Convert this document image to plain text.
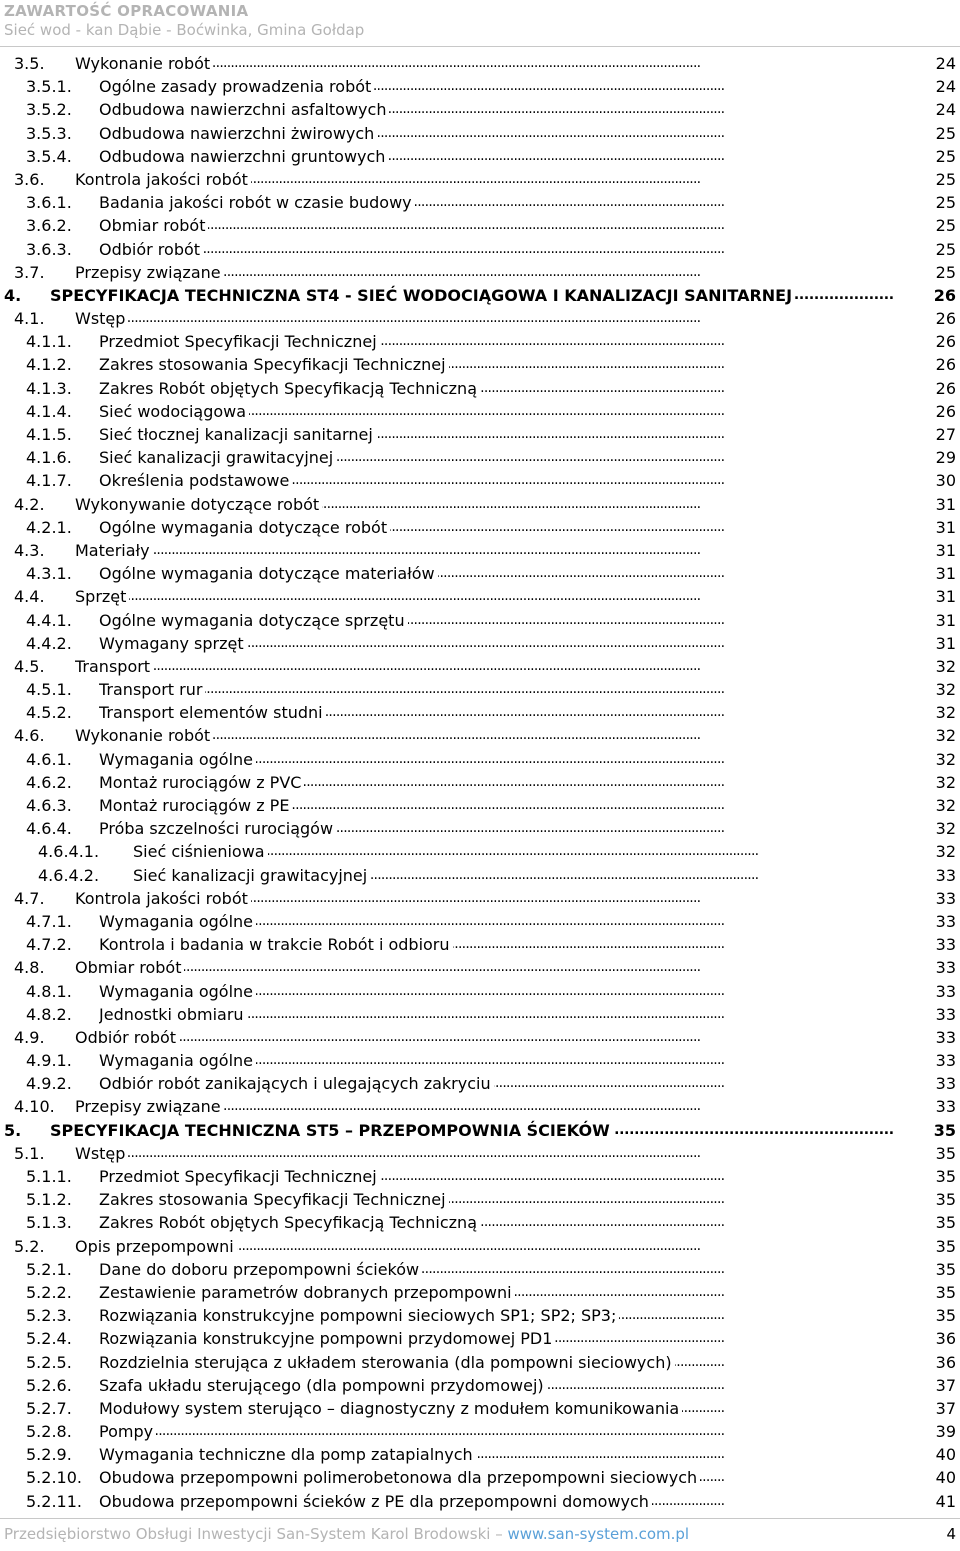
ZAWARTOŚĆ OPRACOWANIA
Sieć wod - kan Dąbie - Boćwinka, Gmina Gołdap
3.5. Wykonanie robót . . .	24
3.5.1. Ogólne zasady prowadzenia robót . . .	24
3.5.2. Odbudowa nawierzchni asfaltowych . . .	24
3.5.3. Odbudowa nawierzchni żwirowych . . .	25
3.5.4. Odbudowa nawierzchni gruntowych . . .	25
3.6. Kontrola jakości robót . . .	25
3.6.1. Badania jakości robót w czasie budowy . . .	25
3.6.2. Obmiar robót . . .	25
3.6.3. Odbiór robót . . .	25
3.7. Przepisy związane . . .	25
4. SPECYFIKACJA TECHNICZNA ST4 - SIEĆ WODOCIĄGOWA I KANALIZACJI SANITARNEJ . . .	26
4.1. Wstęp . . .	26
4.1.1. Przedmiot Specyfikacji Technicznej . . .	26
4.1.2. Zakres stosowania Specyfikacji Technicznej . . .	26
4.1.3. Zakres Robót objętych Specyfikacją Techniczną . . .	26
4.1.4. Sieć wodociągowa . . .	26
4.1.5. Sieć tłocznej kanalizacji sanitarnej . . .	27
4.1.6. Sieć kanalizacji grawitacyjnej . . .	29
4.1.7. Określenia podstawowe . . .	30
4.2. Wykonywanie dotyczące robót . . .	31
4.2.1. Ogólne wymagania dotyczące robót . . .	31
4.3. Materiały . . .	31
4.3.1. Ogólne wymagania dotyczące materiałów . . .	31
4.4. Sprzęt . . .	31
4.4.1. Ogólne wymagania dotyczące sprzętu . . .	31
4.4.2. Wymagany sprzęt . . .	31
4.5. Transport . . .	32
4.5.1. Transport rur . . .	32
4.5.2. Transport elementów studni . . .	32
4.6. Wykonanie robót . . .	32
4.6.1. Wymagania ogólne . . .	32
4.6.2. Montaż rurociągów z PVC . . .	32
4.6.3. Montaż rurociągów z PE . . .	32
4.6.4. Próba szczelności rurociągów . . .	32
4.6.4.1. Sieć ciśnieniowa . . .	32
4.6.4.2. Sieć kanalizacji grawitacyjnej . . .	33
4.7. Kontrola jakości robót . . .	33
4.7.1. Wymagania ogólne . . .	33
4.7.2. Kontrola i badania w trakcie Robót i odbioru . . .	33
4.8. Obmiar robót . . .	33
4.8.1. Wymagania ogólne . . .	33
4.8.2. Jednostki obmiaru . . .	33
4.9. Odbiór robót . . .	33
4.9.1. Wymagania ogólne . . .	33
4.9.2. Odbiór robót zanikających i ulegających zakryciu . . .	33
4.10. Przepisy związane . . .	33
5. SPECYFIKACJA TECHNICZNA ST5 – PRZEPOMPOWNIA ŚCIEKÓW . . .	35
5.1. Wstęp . . .	35
5.1.1. Przedmiot Specyfikacji Technicznej . . .	35
5.1.2. Zakres stosowania Specyfikacji Technicznej . . .	35
5.1.3. Zakres Robót objętych Specyfikacją Techniczną . . .	35
5.2. Opis przepompowni . . .	35
5.2.1. Dane do doboru przepompowni ścieków . . .	35
5.2.2. Zestawienie parametrów dobranych przepompowni . . .	35
5.2.3. Rozwiązania konstrukcyjne pompowni sieciowych SP1; SP2; SP3; . . .	35
5.2.4. Rozwiązania konstrukcyjne pompowni przydomowej PD1 . . .	36
5.2.5. Rozdzielnia sterująca z układem sterowania (dla pompowni sieciowych) . . .	36
5.2.6. Szafa układu sterującego (dla pompowni przydomowej) . . .	37
5.2.7. Modułowy system sterująco – diagnostyczny z modułem komunikowania . . .	37
5.2.8. Pompy . . .	39
5.2.9. Wymagania techniczne dla pomp zatapialnych . . .	40
5.2.10. Obudowa przepompowni polimerobetonowa dla przepompowni sieciowych . . .	40
5.2.11. Obudowa przepompowni ścieków z PE dla przepompowni domowych . . .	41
Przedsiębiorstwo Obsługi Inwestycji San-System Karol Brodowski – www.san-system.com.pl	4
